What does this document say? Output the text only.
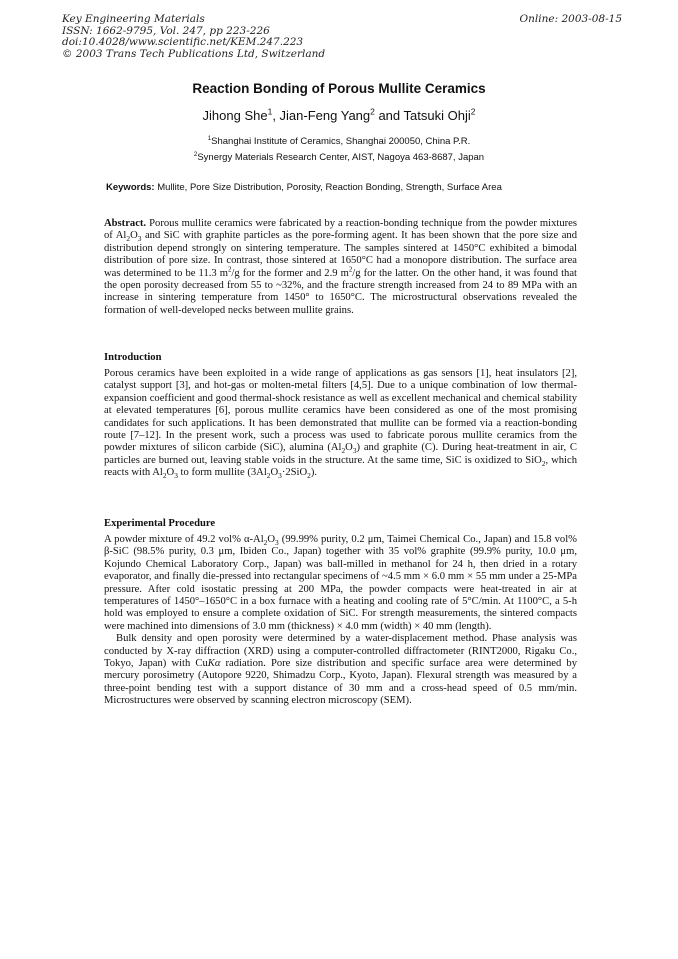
Key Engineering Materials
ISSN: 1662-9795, Vol. 247, pp 223-226
doi:10.4028/www.scientific.net/KEM.247.223
© 2003 Trans Tech Publications Ltd, Switzerland
Online: 2003-08-15
Reaction Bonding of Porous Mullite Ceramics
Jihong She$^1$, Jian-Feng Yang$^2$ and Tatsuki Ohji$^2$
$^1$Shanghai Institute of Ceramics, Shanghai 200050, China P.R.
$^2$Synergy Materials Research Center, AIST, Nagoya 463-8687, Japan
Keywords: Mullite, Pore Size Distribution, Porosity, Reaction Bonding, Strength, Surface Area

Abstract. Porous mullite ceramics were fabricated by a reaction-bonding technique from the powder mixtures of $Al_2O_3$ and SiC with graphite particles as the pore-forming agent. It has been shown that the pore size and distribution depend strongly on sintering temperature. The samples sintered at 1450°C exhibited a bimodal distribution of pore size. In contrast, those sintered at 1650°C had a monopore distribution. The surface area was determined to be 11.3 $m^2/g$ for the former and 2.9 $m^2/g$ for the latter. On the other hand, it was found that the open porosity decreased from 55 to ~32%, and the fracture strength increased from 24 to 89 MPa with an increase in sintering temperature from 1450° to 1650°C. The microstructural observations revealed the formation of well-developed necks between mullite grains.

Introduction

Porous ceramics have been exploited in a wide range of applications as gas sensors [1], heat insulators [2], catalyst support [3], and hot-gas or molten-metal filters [4,5]. Due to a unique combination of low thermal-expansion coefficient and good thermal-shock resistance as well as excellent mechanical and chemical stability at elevated temperatures [6], porous mullite ceramics have been considered as one of the most promising candidates for such applications. It has been demonstrated that mullite can be formed via a reaction-bonding route [7–12]. In the present work, such a process was used to fabricate porous mullite ceramics from the powder mixtures of silicon carbide (SiC), alumina $(Al_2O_3)$ and graphite (C). During heat-treatment in air, C particles are burned out, leaving stable voids in the structure. At the same time, SiC is oxidized to SiO$_2$, which reacts with $Al_2O_3$ to form mullite $(3Al_2O_3\cdot 2SiO_2)$.

Experimental Procedure

A powder mixture of 49.2 vol% $\alpha-Al_2O_3$ (99.99% purity, 0.2 μm, Taimei Chemical Co., Japan) and 15.8 vol% β-SiC (98.5% purity, 0.3 μm, Ibiden Co., Japan) together with 35 vol% graphite (99.9% purity, 10.0 μm, Kojundo Chemical Laboratory Corp., Japan) was ball-milled in methanol for 24 h, then dried in a rotary evaporator, and finally die-pressed into rectangular specimens of ~4.5 mm × 6.0 mm × 55 mm under a 25-MPa pressure. After cold isostatic pressing at 200 MPa, the powder compacts were heat-treated in air at temperatures of 1450°–1650°C in a box furnace with a heating and cooling rate of 5°C/min. At 1100°C, a 5-h hold was employed to ensure a complete oxidation of SiC. For strength measurements, the sintered compacts were machined into dimensions of 3.0 mm (thickness) × 4.0 mm (width) × 40 mm (length).

Bulk density and open porosity were determined by a water-displacement method. Phase analysis was conducted by X-ray diffraction (XRD) using a computer-controlled diffractometer (RINT2000, Rigaku Co., Tokyo, Japan) with CuKα radiation. Pore size distribution and specific surface area were determined by mercury porosimetry (Autopore 9220, Shimadzu Corp., Kyoto, Japan). Flexural strength was measured by a three-point bending test with a support distance of 30 mm and a cross-head speed of 0.5 mm/min. Microstructures were observed by scanning electron microscopy (SEM).
